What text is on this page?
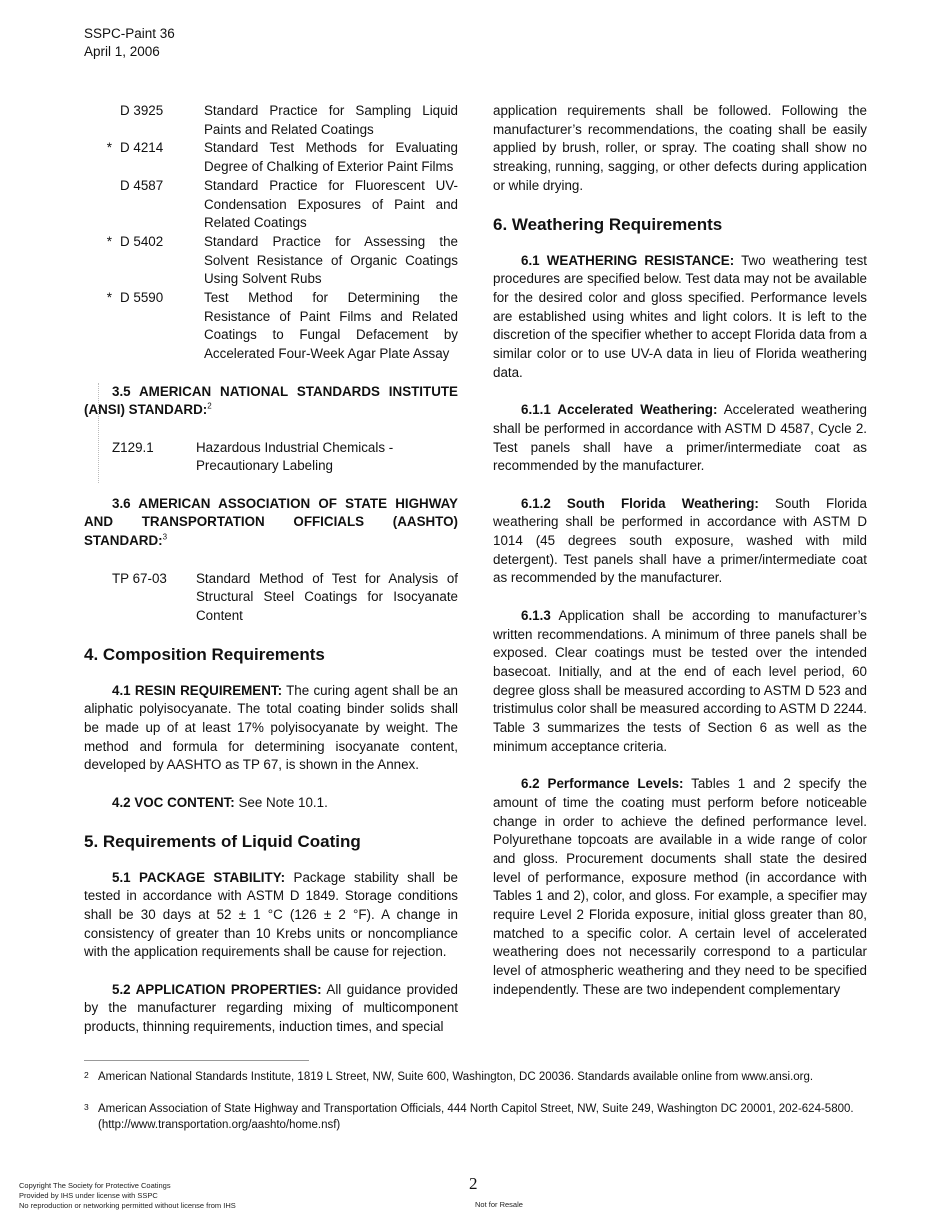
SSPC-Paint 36
April 1, 2006
D 3925	Standard Practice for Sampling Liquid Paints and Related Coatings
* D 4214	Standard Test Methods for Evaluating Degree of Chalking of Exterior Paint Films
D 4587	Standard Practice for Fluorescent UV-Condensation Exposures of Paint and Related Coatings
* D 5402	Standard Practice for Assessing the Solvent Resistance of Organic Coatings Using Solvent Rubs
* D 5590	Test Method for Determining the Resistance of Paint Films and Related Coatings to Fungal Defacement by Accelerated Four-Week Agar Plate Assay

3.5 AMERICAN NATIONAL STANDARDS INSTITUTE (ANSI) STANDARD:$^2$

Z129.1	Hazardous Industrial Chemicals - Precautionary Labeling

3.6 AMERICAN ASSOCIATION OF STATE HIGHWAY AND TRANSPORTATION OFFICIALS (AASHTO) STANDARD:$^3$

TP 67-03	Standard Method of Test for Analysis of Structural Steel Coatings for Isocyanate Content
4. Composition Requirements

4.1 RESIN REQUIREMENT: The curing agent shall be an aliphatic polyisocyanate. The total coating binder solids shall be made up of at least 17% polyisocyanate by weight. The method and formula for determining isocyanate content, developed by AASHTO as TP 67, is shown in the Annex.

4.2 VOC CONTENT: See Note 10.1.

5. Requirements of Liquid Coating

5.1 PACKAGE STABILITY: Package stability shall be tested in accordance with ASTM D 1849. Storage conditions shall be 30 days at 52 ± 1 °C (126 ± 2 °F). A change in consistency of greater than 10 Krebs units or noncompliance with the application requirements shall be cause for rejection.

5.2 APPLICATION PROPERTIES: All guidance provided by the manufacturer regarding mixing of multicomponent products, thinning requirements, induction times, and special

application requirements shall be followed. Following the manufacturer’s recommendations, the coating shall be easily applied by brush, roller, or spray. The coating shall show no streaking, running, sagging, or other defects during application or while drying.

6. Weathering Requirements

6.1 WEATHERING RESISTANCE: Two weathering test procedures are specified below. Test data may not be available for the desired color and gloss specified. Performance levels are established using whites and light colors. It is left to the discretion of the specifier whether to accept Florida data from a similar color or to use UV-A data in lieu of Florida weathering data.

6.1.1 Accelerated Weathering: Accelerated weathering shall be performed in accordance with ASTM D 4587, Cycle 2. Test panels shall have a primer/intermediate coat as recommended by the manufacturer.

6.1.2 South Florida Weathering: South Florida weathering shall be performed in accordance with ASTM D 1014 (45 degrees south exposure, washed with mild detergent). Test panels shall have a primer/intermediate coat as recommended by the manufacturer.

6.1.3 Application shall be according to manufacturer’s written recommendations. A minimum of three panels shall be exposed. Clear coatings must be tested over the intended basecoat. Initially, and at the end of each level period, 60 degree gloss shall be measured according to ASTM D 523 and tristimulus color shall be measured according to ASTM D 2244. Table 3 summarizes the tests of Section 6 as well as the minimum acceptance criteria.

6.2 Performance Levels: Tables 1 and 2 specify the amount of time the coating must perform before noticeable change in order to achieve the defined performance level. Polyurethane topcoats are available in a wide range of color and gloss. Procurement documents shall state the desired level of performance, exposure method (in accordance with Tables 1 and 2), color, and gloss. For example, a specifier may require Level 2 Florida exposure, initial gloss greater than 80, matched to a specific color. A certain level of accelerated weathering does not necessarily correspond to a particular level of atmospheric weathering and they need to be specified independently. These are two independent complementary

2 American National Standards Institute, 1819 L Street, NW, Suite 600, Washington, DC 20036. Standards available online from www.ansi.org.
3 American Association of State Highway and Transportation Officials, 444 North Capitol Street, NW, Suite 249, Washington DC 20001, 202-624-5800. (http://www.transportation.org/aashto/home.nsf)
2
Copyright The Society for Protective Coatings
Provided by IHS under license with SSPC
No reproduction or networking permitted without license from IHS	Not for Resale
